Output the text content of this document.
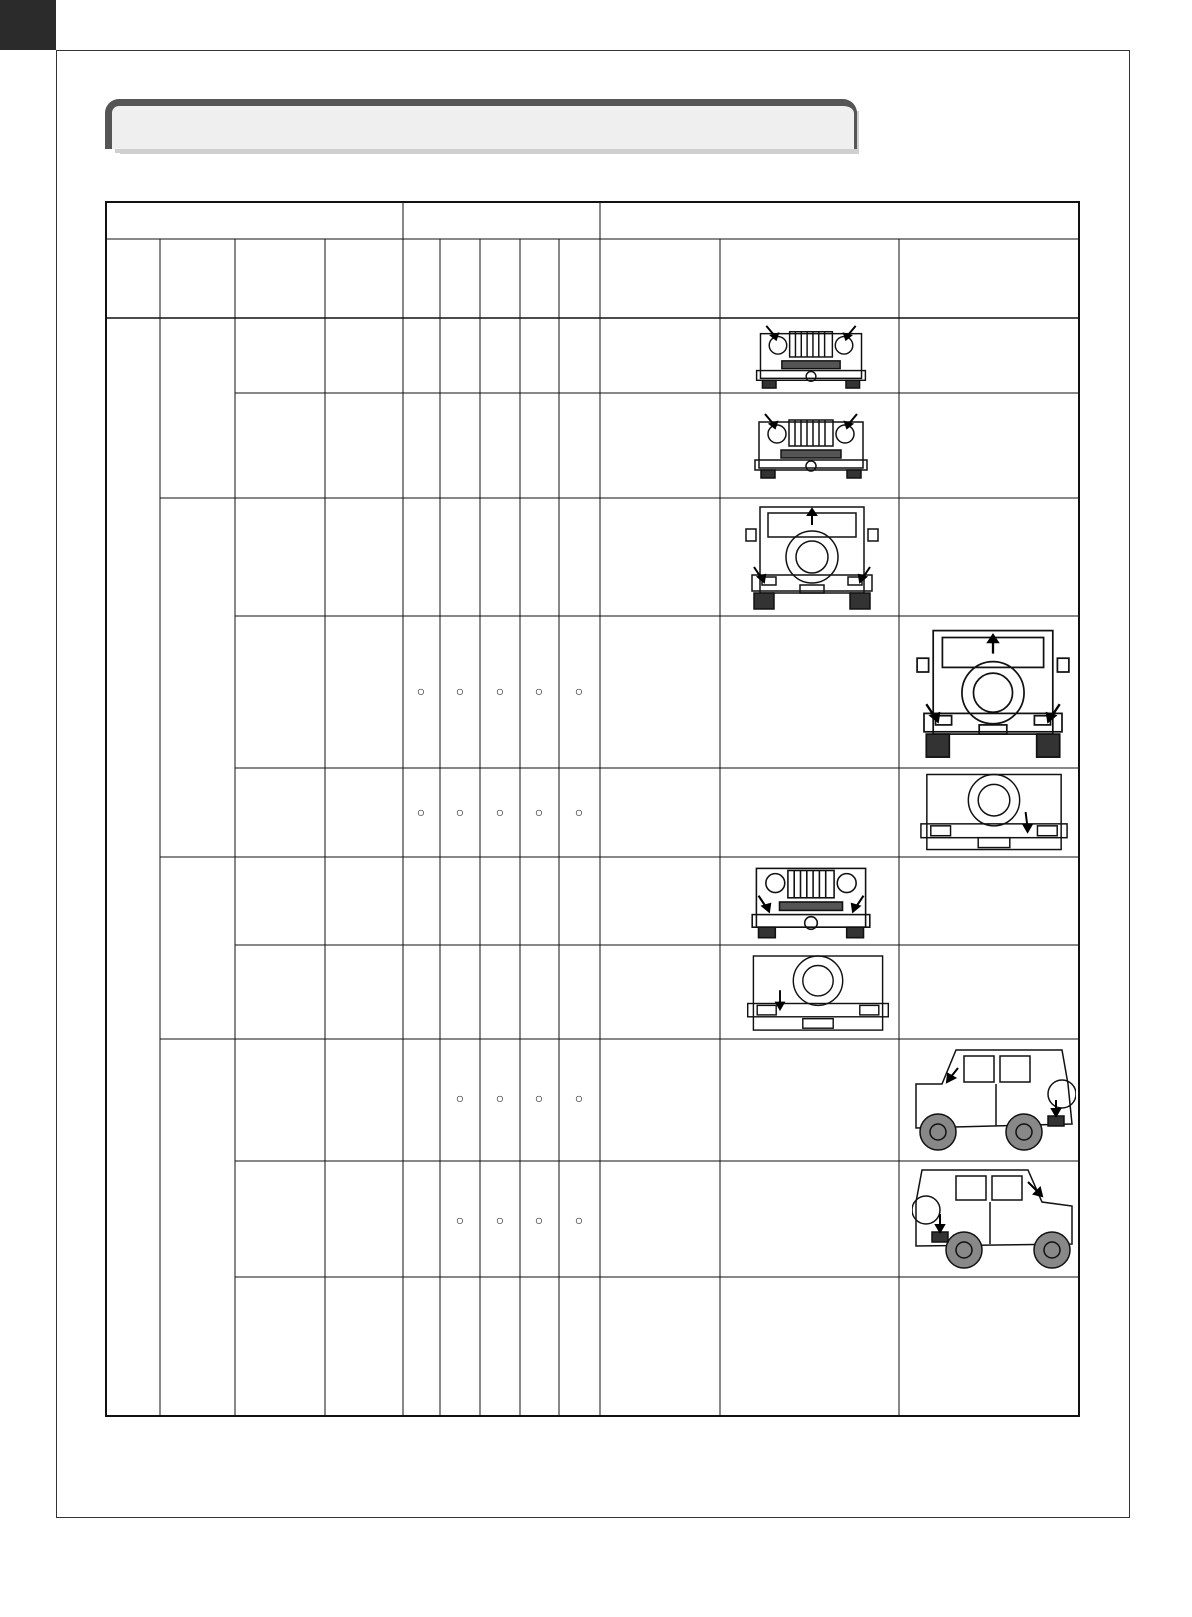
○ ○ ○ ○ ○
○ ○ ○ ○ ○
○ ○ ○ ○
○ ○ ○ ○
